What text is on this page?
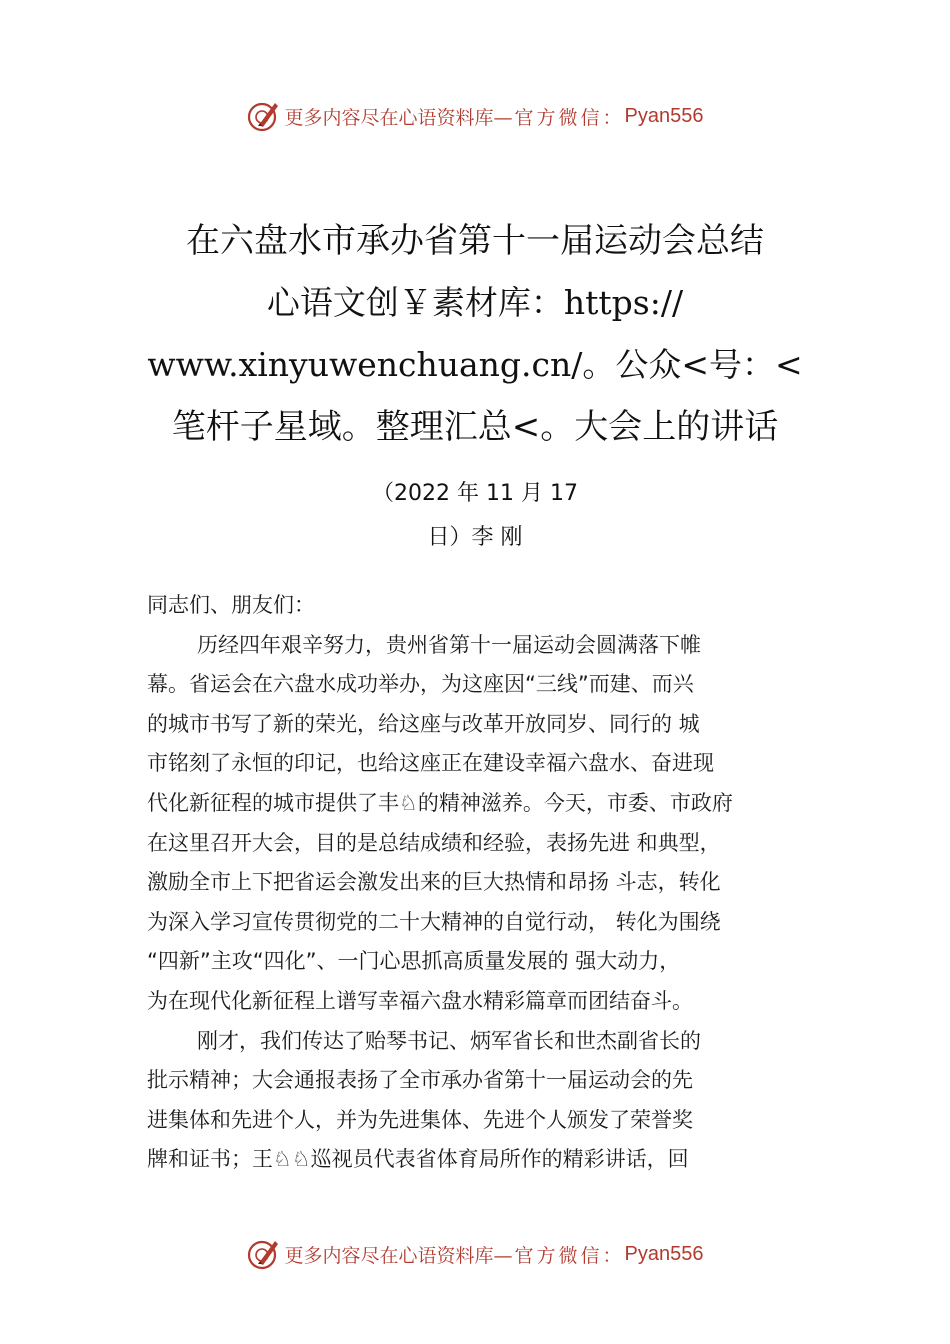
更多内容尽在心语资料库— 官方微信： Pyan556
在六盘水市承办省第十一届运动会总结
心语文创￥素材库：https://
www.xinyuwenchuang.cn/。公众<号：<
笔杆子星域。整理汇总<。大会上的讲话
（2022 年 11 月 17
日）李 刚
同志们、朋友们：
历经四年艰辛努力，贵州省第十一届运动会圆满落下帷
幕。省运会在六盘水成功举办，为这座因“三线”而建、而兴
的城市书写了新的荣光，给这座与改革开放同岁、同行的 城
市铭刻了永恒的印记，也给这座正在建设幸福六盘水、奋进现
代化新征程的城市提供了丰♘的精神滋养。今天，市委、市政府
在这里召开大会，目的是总结成绩和经验，表扬先进 和典型，
激励全市上下把省运会激发出来的巨大热情和昂扬 斗志，转化
为深入学习宣传贯彻党的二十大精神的自觉行动， 转化为围绕
“四新”主攻“四化”、一门心思抓高质量发展的 强大动力，
为在现代化新征程上谱写幸福六盘水精彩篇章而团结奋斗。
刚才，我们传达了贻琴书记、炳军省长和世杰副省长的
批示精神；大会通报表扬了全市承办省第十一届运动会的先
进集体和先进个人，并为先进集体、先进个人颁发了荣誉奖
牌和证书；王♘♘巡视员代表省体育局所作的精彩讲话，回
更多内容尽在心语资料库— 官方微信： Pyan556
